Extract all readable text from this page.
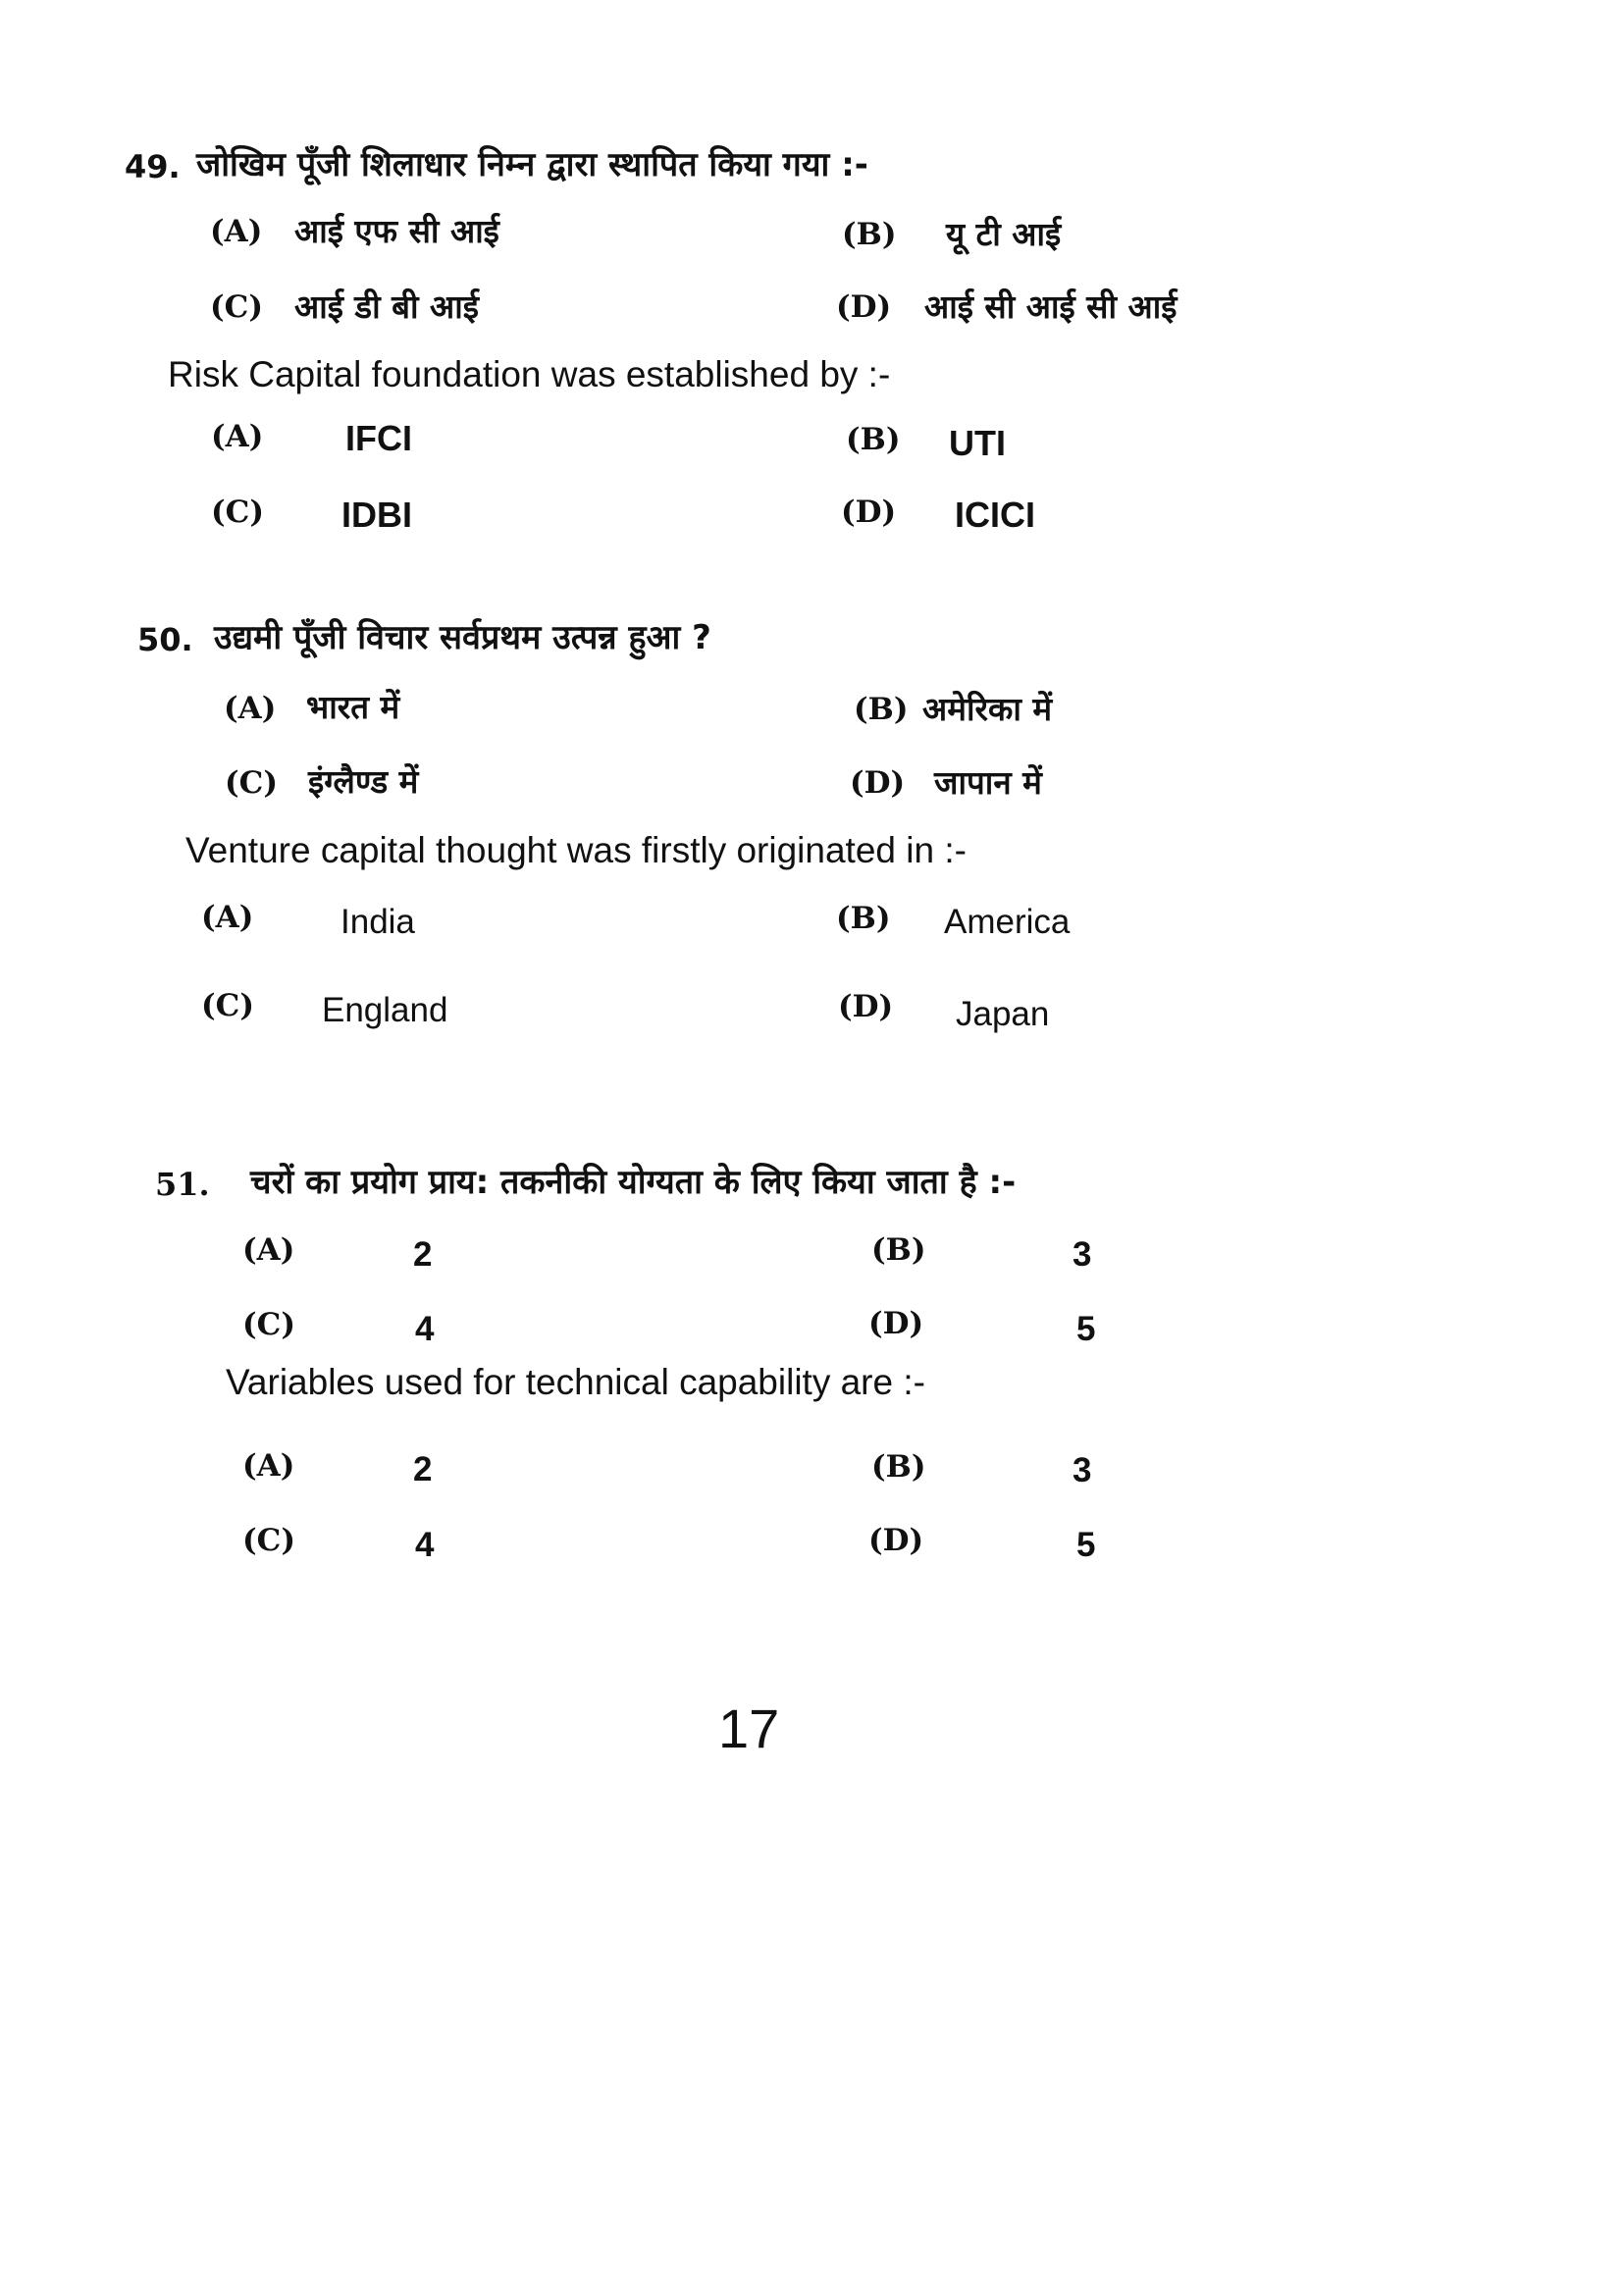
49. जोखिम पूँजी शिलाधार निम्न द्वारा स्थापित किया गया :-
(A) आई एफ सी आई	(B) यू टी आई
(C) आई डी बी आई	(D) आई सी आई सी आई
Risk Capital foundation was established by :-
(A) IFCI	(B) UTI
(C) IDBI	(D) ICICI
50. उद्यमी पूँजी विचार सर्वप्रथम उत्पन्न हुआ ?
(A) भारत में	(B) अमेरिका में
(C) इंग्लैण्ड में	(D) जापान में
Venture capital thought was firstly originated in :-
(A)	India	(B) America
(C) England	(D) Japan
51. चरों का प्रयोग प्राय: तकनीकी योग्यता के लिए किया जाता है :-
(A)	2	(B)	3
(C)	4	(D)	5
Variables used for technical capability are :-
(A)	2	(B)	3
(C)	4	(D)	5
17
